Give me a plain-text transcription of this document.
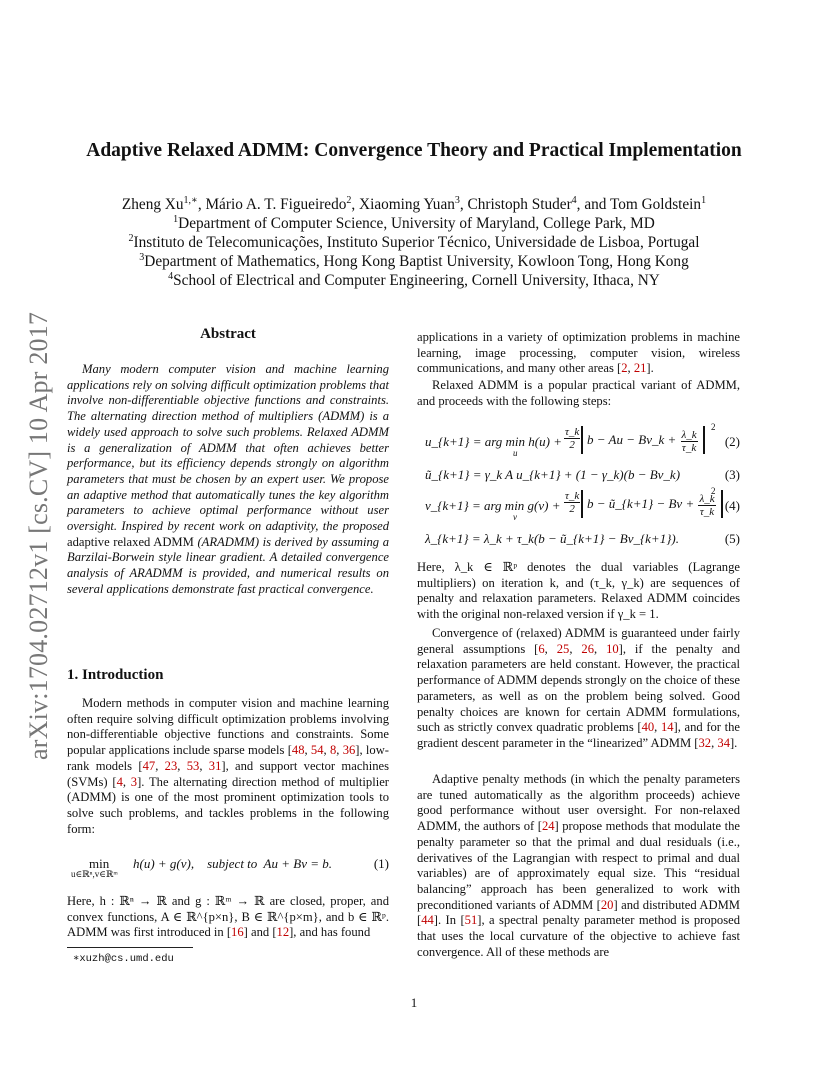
arXiv:1704.02712v1 [cs.CV] 10 Apr 2017
Adaptive Relaxed ADMM: Convergence Theory and Practical Implementation
Zheng $Xu^{1,∗}$, Mário A. T. Figueiredo$^2$, Xiaoming Yuan$^3$, Christoph Studer$^4$, and Tom Goldstein$^1$
$^1$Department of Computer Science, University of Maryland, College Park, MD
$^2$Instituto de Telecomunicações, Instituto Superior Técnico, Universidade de Lisboa, Portugal
$^3$Department of Mathematics, Hong Kong Baptist University, Kowloon Tong, Hong Kong
$^4$School of Electrical and Computer Engineering, Cornell University, Ithaca, NY
Abstract

Many modern computer vision and machine learning applications rely on solving difficult optimization problems that involve non-differentiable objective functions and constraints. The alternating direction method of multipliers (ADMM) is a widely used approach to solve such problems. Relaxed ADMM is a generalization of ADMM that often achieves better performance, but its efficiency depends strongly on algorithm parameters that must be chosen by an expert user. We propose an adaptive method that automatically tunes the key algorithm parameters to achieve optimal performance without user oversight. Inspired by recent work on adaptivity, the proposed adaptive relaxed ADMM (ARADMM) is derived by assuming a Barzilai-Borwein style linear gradient. A detailed convergence analysis of ARADMM is provided, and numerical results on several applications demonstrate fast practical convergence.

1. Introduction

Modern methods in computer vision and machine learning often require solving difficult optimization problems involving non-differentiable objective functions and constraints. Some popular applications include sparse models [48, 54, 8, 36], low-rank models [47, 23, 53, 31], and support vector machines (SVMs) [4, 3]. The alternating direction method of multiplier (ADMM) is one of the most prominent optimization tools to solve such problems, and tackles problems in the following form:

min
u∈ℝⁿ,v∈ℝᵐ
h(u) + g(v),    subject to  Au + Bv = b.	(1)

Here, h : ℝⁿ → ℝ and g : ℝᵐ → ℝ are closed, proper, and convex functions, A ∈ ℝ^{p×n}, B ∈ ℝ^{p×m}, and b ∈ ℝᵖ. ADMM was first introduced in [16] and [12], and has found

∗xuzh@cs.umd.edu

applications in a variety of optimization problems in machine learning, image processing, computer vision, wireless communications, and many other areas [2, 21].

Relaxed ADMM is a popular practical variant of ADMM, and proceeds with the following steps:

u_{k+1} = arg min h(u) +
u
$\frac{\tau\_k}{2}$ b − Au − Bv_k + $\frac{\lambda\_k}{\tau\_k}$
2
(2)
ũ_{k+1} = γ_k A u_{k+1} + (1 − γ_k)(b − Bv_k)	(3)
v_{k+1} = arg min g(v) +
v
$\frac{\tau\_k}{2}$ b − ũ_{k+1} − $Bv + \frac{\lambda\_k}{\tau\_k}$
2
(4)
λ_{k+1} = λ_k + τ_k(b − ũ_{k+1} − Bv_{k+1}).	(5)

Here, λ_k ∈ ℝᵖ denotes the dual variables (Lagrange multipliers) on iteration k, and (τ_k, γ_k) are sequences of penalty and relaxation parameters. Relaxed ADMM coincides with the original non-relaxed version if γ_k = 1.

Convergence of (relaxed) ADMM is guaranteed under fairly general assumptions [6, 25, 26, 10], if the penalty and relaxation parameters are held constant. However, the practical performance of ADMM depends strongly on the choice of these parameters, as well as on the problem being solved. Good penalty choices are known for certain ADMM formulations, such as strictly convex quadratic problems [40, 14], and for the gradient descent parameter in the “linearized” ADMM [32, 34].

Adaptive penalty methods (in which the penalty parameters are tuned automatically as the algorithm proceeds) achieve good performance without user oversight. For non-relaxed ADMM, the authors of [24] propose methods that modulate the penalty parameter so that the primal and dual residuals (i.e., derivatives of the Lagrangian with respect to primal and dual variables) are of approximately equal size. This “residual balancing” approach has been generalized to work with preconditioned variants of ADMM [20] and distributed ADMM [44]. In [51], a spectral penalty parameter method is proposed that uses the local curvature of the objective to achieve fast convergence. All of these methods are

1
